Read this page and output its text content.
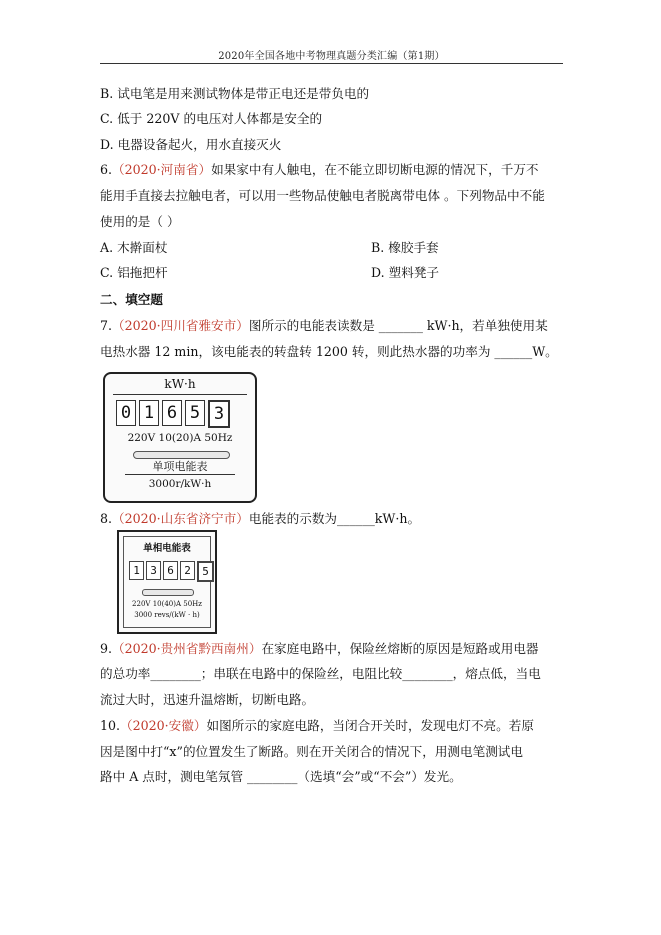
2020年全国各地中考物理真题分类汇编（第1期）
B. 试电笔是用来测试物体是带正电还是带负电的
C. 低于 220V 的电压对人体都是安全的
D. 电器设备起火，用水直接灭火
6.（2020·河南省）如果家中有人触电，在不能立即切断电源的情况下，千万不
能用手直接去拉触电者，可以用一些物品使触电者脱离带电体 。下列物品中不能
使用的是（ ）
A. 木擀面杖	B. 橡胶手套
C. 铝拖把杆	D. 塑料凳子
二、填空题
7.（2020·四川省雅安市）图所示的电能表读数是 _______ kW·h，若单独使用某
电热水器 12 min，该电能表的转盘转 1200 转，则此热水器的功率为 ______W。
kW·h
0 1 6 5 3
220V 10(20)A 50Hz
单项电能表
3000r/kW·h
8.（2020·山东省济宁市）电能表的示数为______kW·h。
单相电能表
1 3 6 2	5
220V 10(40)A 50Hz
3000 revs/(kW · h)
9.（2020·贵州省黔西南州）在家庭电路中，保险丝熔断的原因是短路或用电器
的总功率________；串联在电路中的保险丝，电阻比较________，熔点低，当电
流过大时，迅速升温熔断，切断电路。
10.（2020·安徽）如图所示的家庭电路，当闭合开关时，发现电灯不亮。若原
因是图中打“x”的位置发生了断路。则在开关闭合的情况下，用测电笔测试电
路中 A 点时，测电笔氖管 ________（选填“会”或“不会”）发光。
